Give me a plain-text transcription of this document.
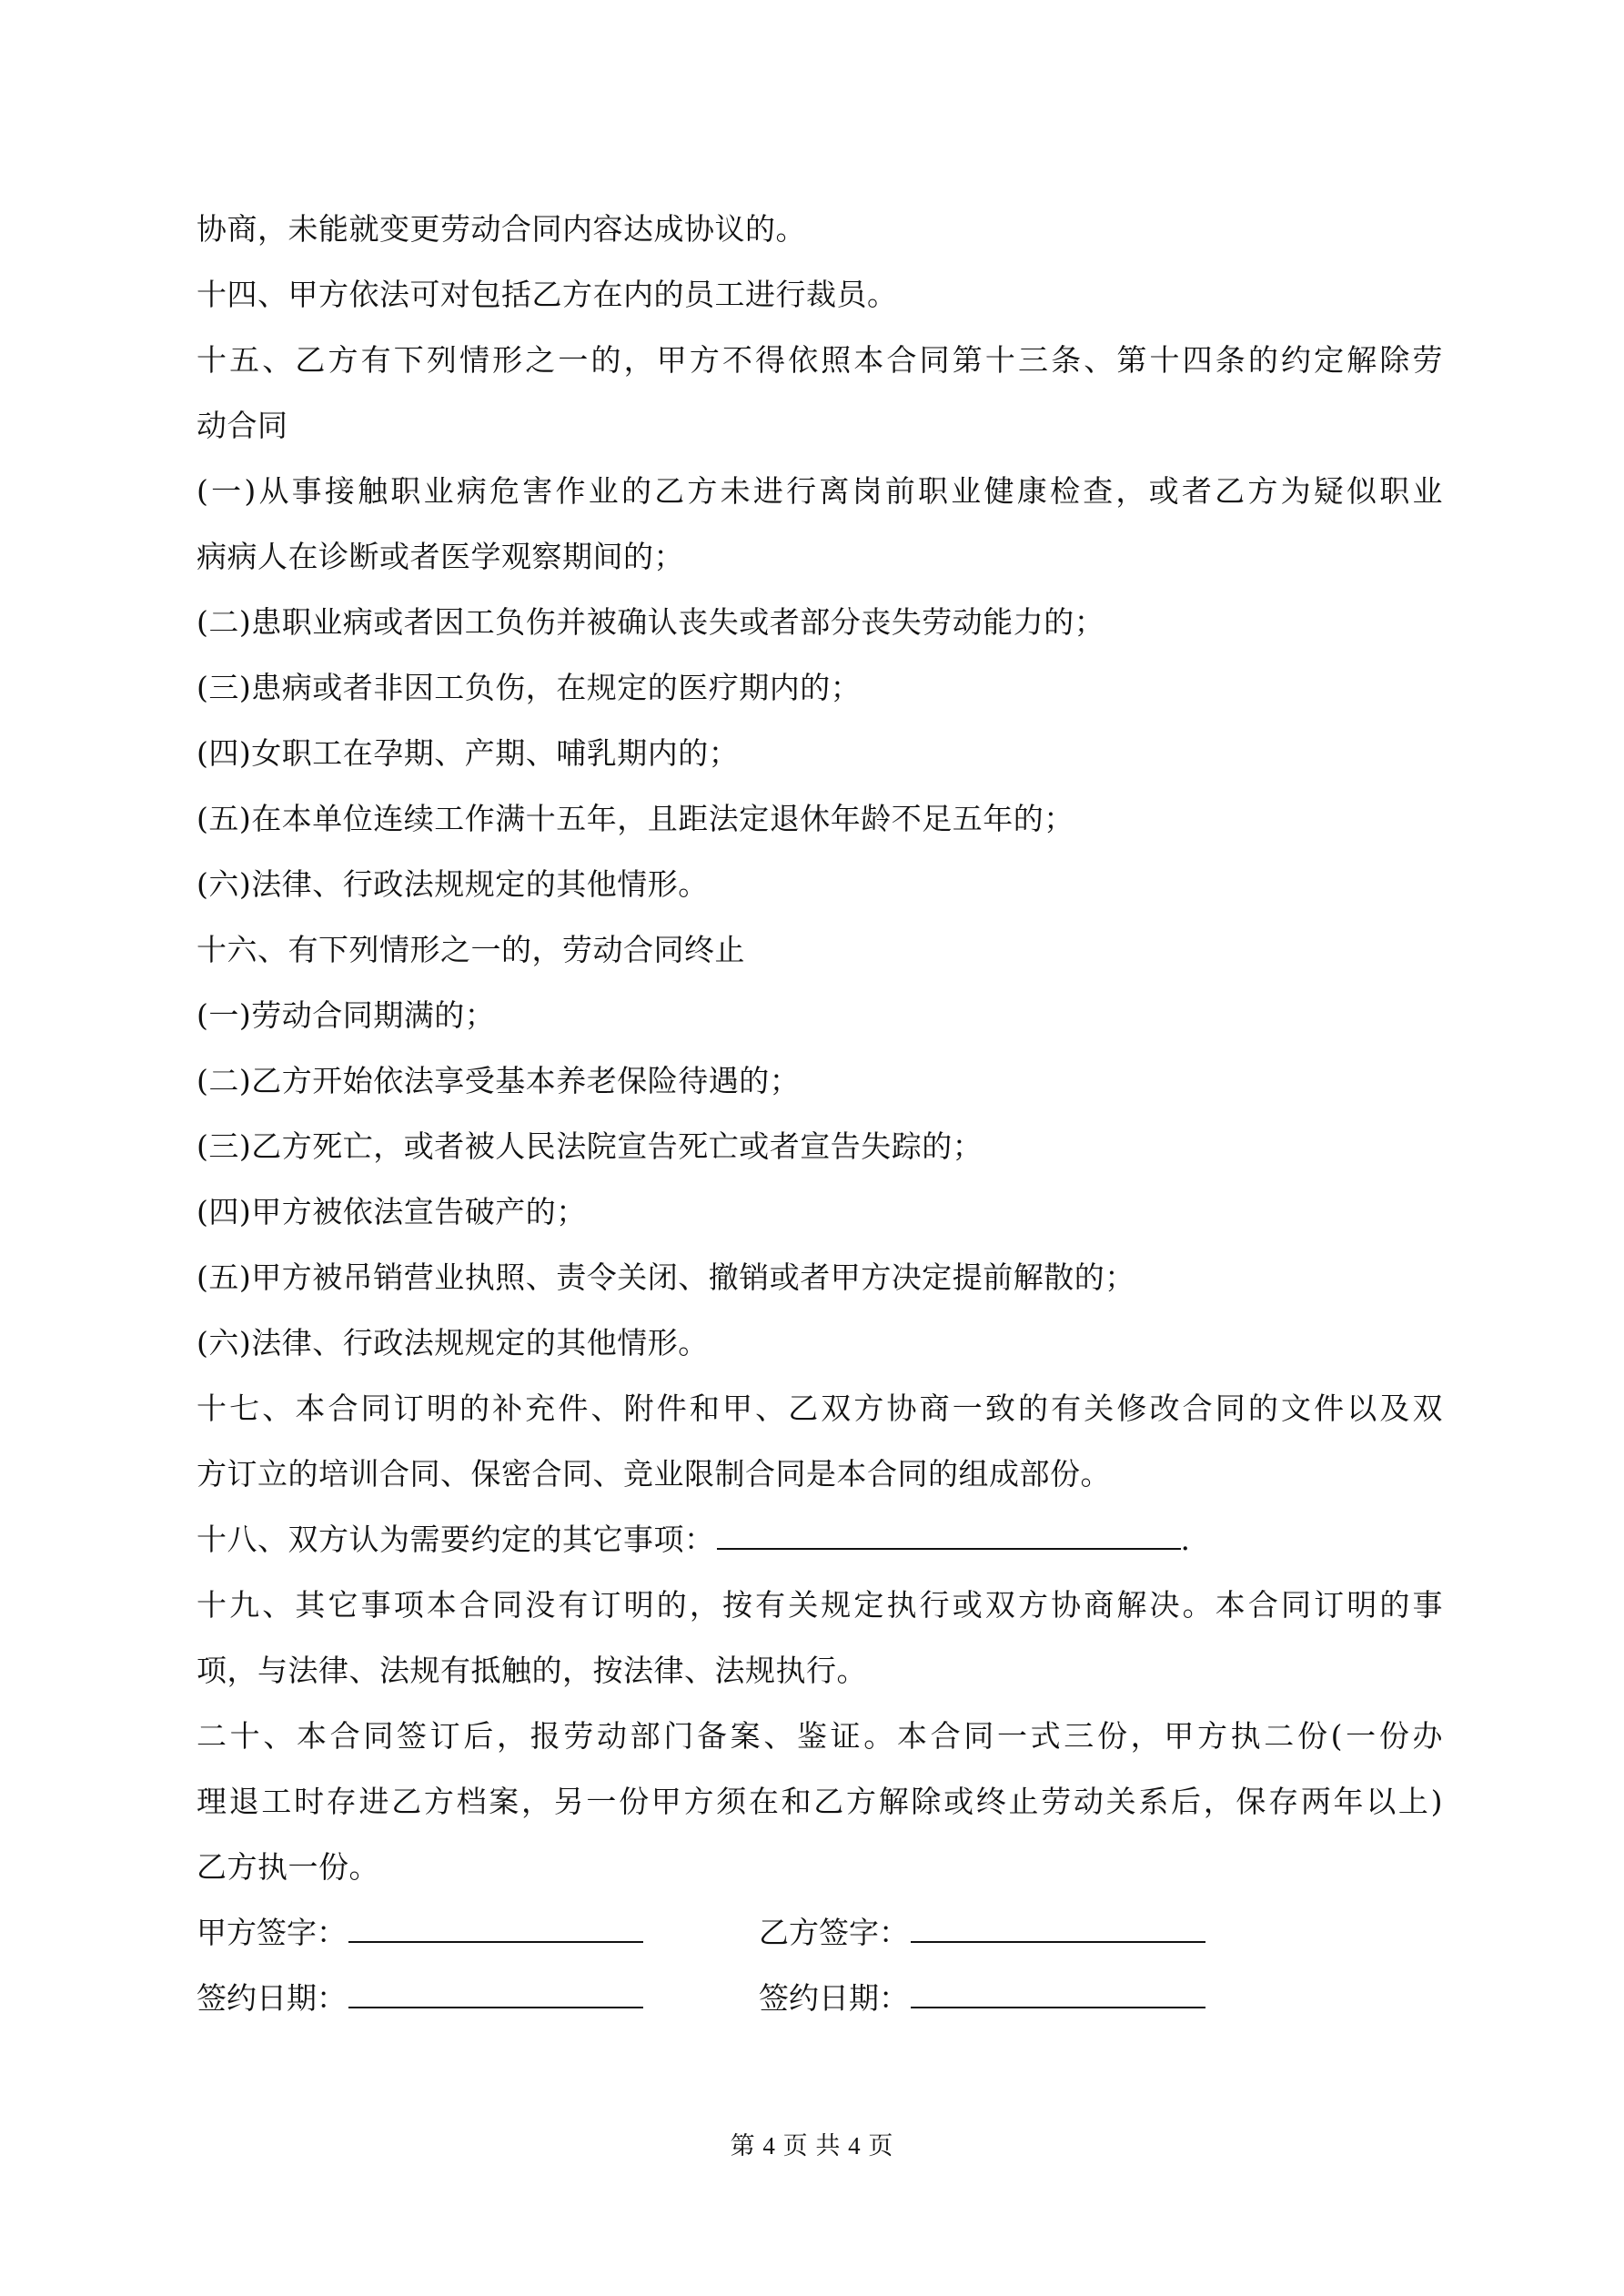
协商，未能就变更劳动合同内容达成协议的。
十四、甲方依法可对包括乙方在内的员工进行裁员。
十五、乙方有下列情形之一的，甲方不得依照本合同第十三条、第十四条的约定解除劳
动合同
(一)从事接触职业病危害作业的乙方未进行离岗前职业健康检查，或者乙方为疑似职业
病病人在诊断或者医学观察期间的；
(二)患职业病或者因工负伤并被确认丧失或者部分丧失劳动能力的；
(三)患病或者非因工负伤，在规定的医疗期内的；
(四)女职工在孕期、产期、哺乳期内的；
(五)在本单位连续工作满十五年，且距法定退休年龄不足五年的；
(六)法律、行政法规规定的其他情形。
十六、有下列情形之一的，劳动合同终止
(一)劳动合同期满的；
(二)乙方开始依法享受基本养老保险待遇的；
(三)乙方死亡，或者被人民法院宣告死亡或者宣告失踪的；
(四)甲方被依法宣告破产的；
(五)甲方被吊销营业执照、责令关闭、撤销或者甲方决定提前解散的；
(六)法律、行政法规规定的其他情形。
十七、本合同订明的补充件、附件和甲、乙双方协商一致的有关修改合同的文件以及双
方订立的培训合同、保密合同、竞业限制合同是本合同的组成部份。
十八、双方认为需要约定的其它事项：	.
十九、其它事项本合同没有订明的，按有关规定执行或双方协商解决。本合同订明的事
项，与法律、法规有抵触的，按法律、法规执行。
二十、本合同签订后，报劳动部门备案、鉴证。本合同一式三份，甲方执二份(一份办
理退工时存进乙方档案，另一份甲方须在和乙方解除或终止劳动关系后，保存两年以上)
乙方执一份。
甲方签字：	乙方签字：
签约日期：	签约日期：
第 4 页 共 4 页
